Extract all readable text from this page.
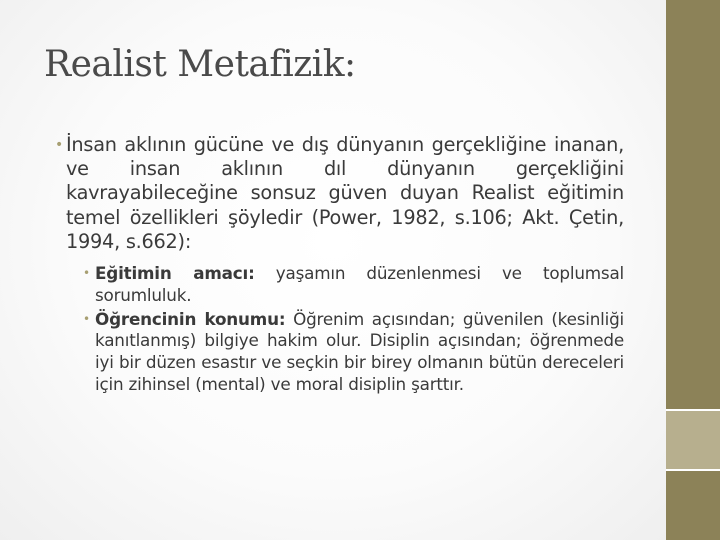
Realist Metafizik:
• İnsan aklının gücüne ve dış dünyanın gerçekliğine inanan, ve insan aklının dıl dünyanın gerçekliğini kavrayabileceğine sonsuz güven duyan Realist eğitimin temel özellikleri şöyledir (Power, 1982, s.106; Akt. Çetin, 1994, s.662):
• Eğitimin amacı: yaşamın düzenlenmesi ve toplumsal sorumluluk.
• Öğrencinin konumu: Öğrenim açısından; güvenilen (kesinliği kanıtlanmış) bilgiye hakim olur. Disiplin açısından; öğrenmede iyi bir düzen esastır ve seçkin bir birey olmanın bütün dereceleri için zihinsel (mental) ve moral disiplin şarttır.
